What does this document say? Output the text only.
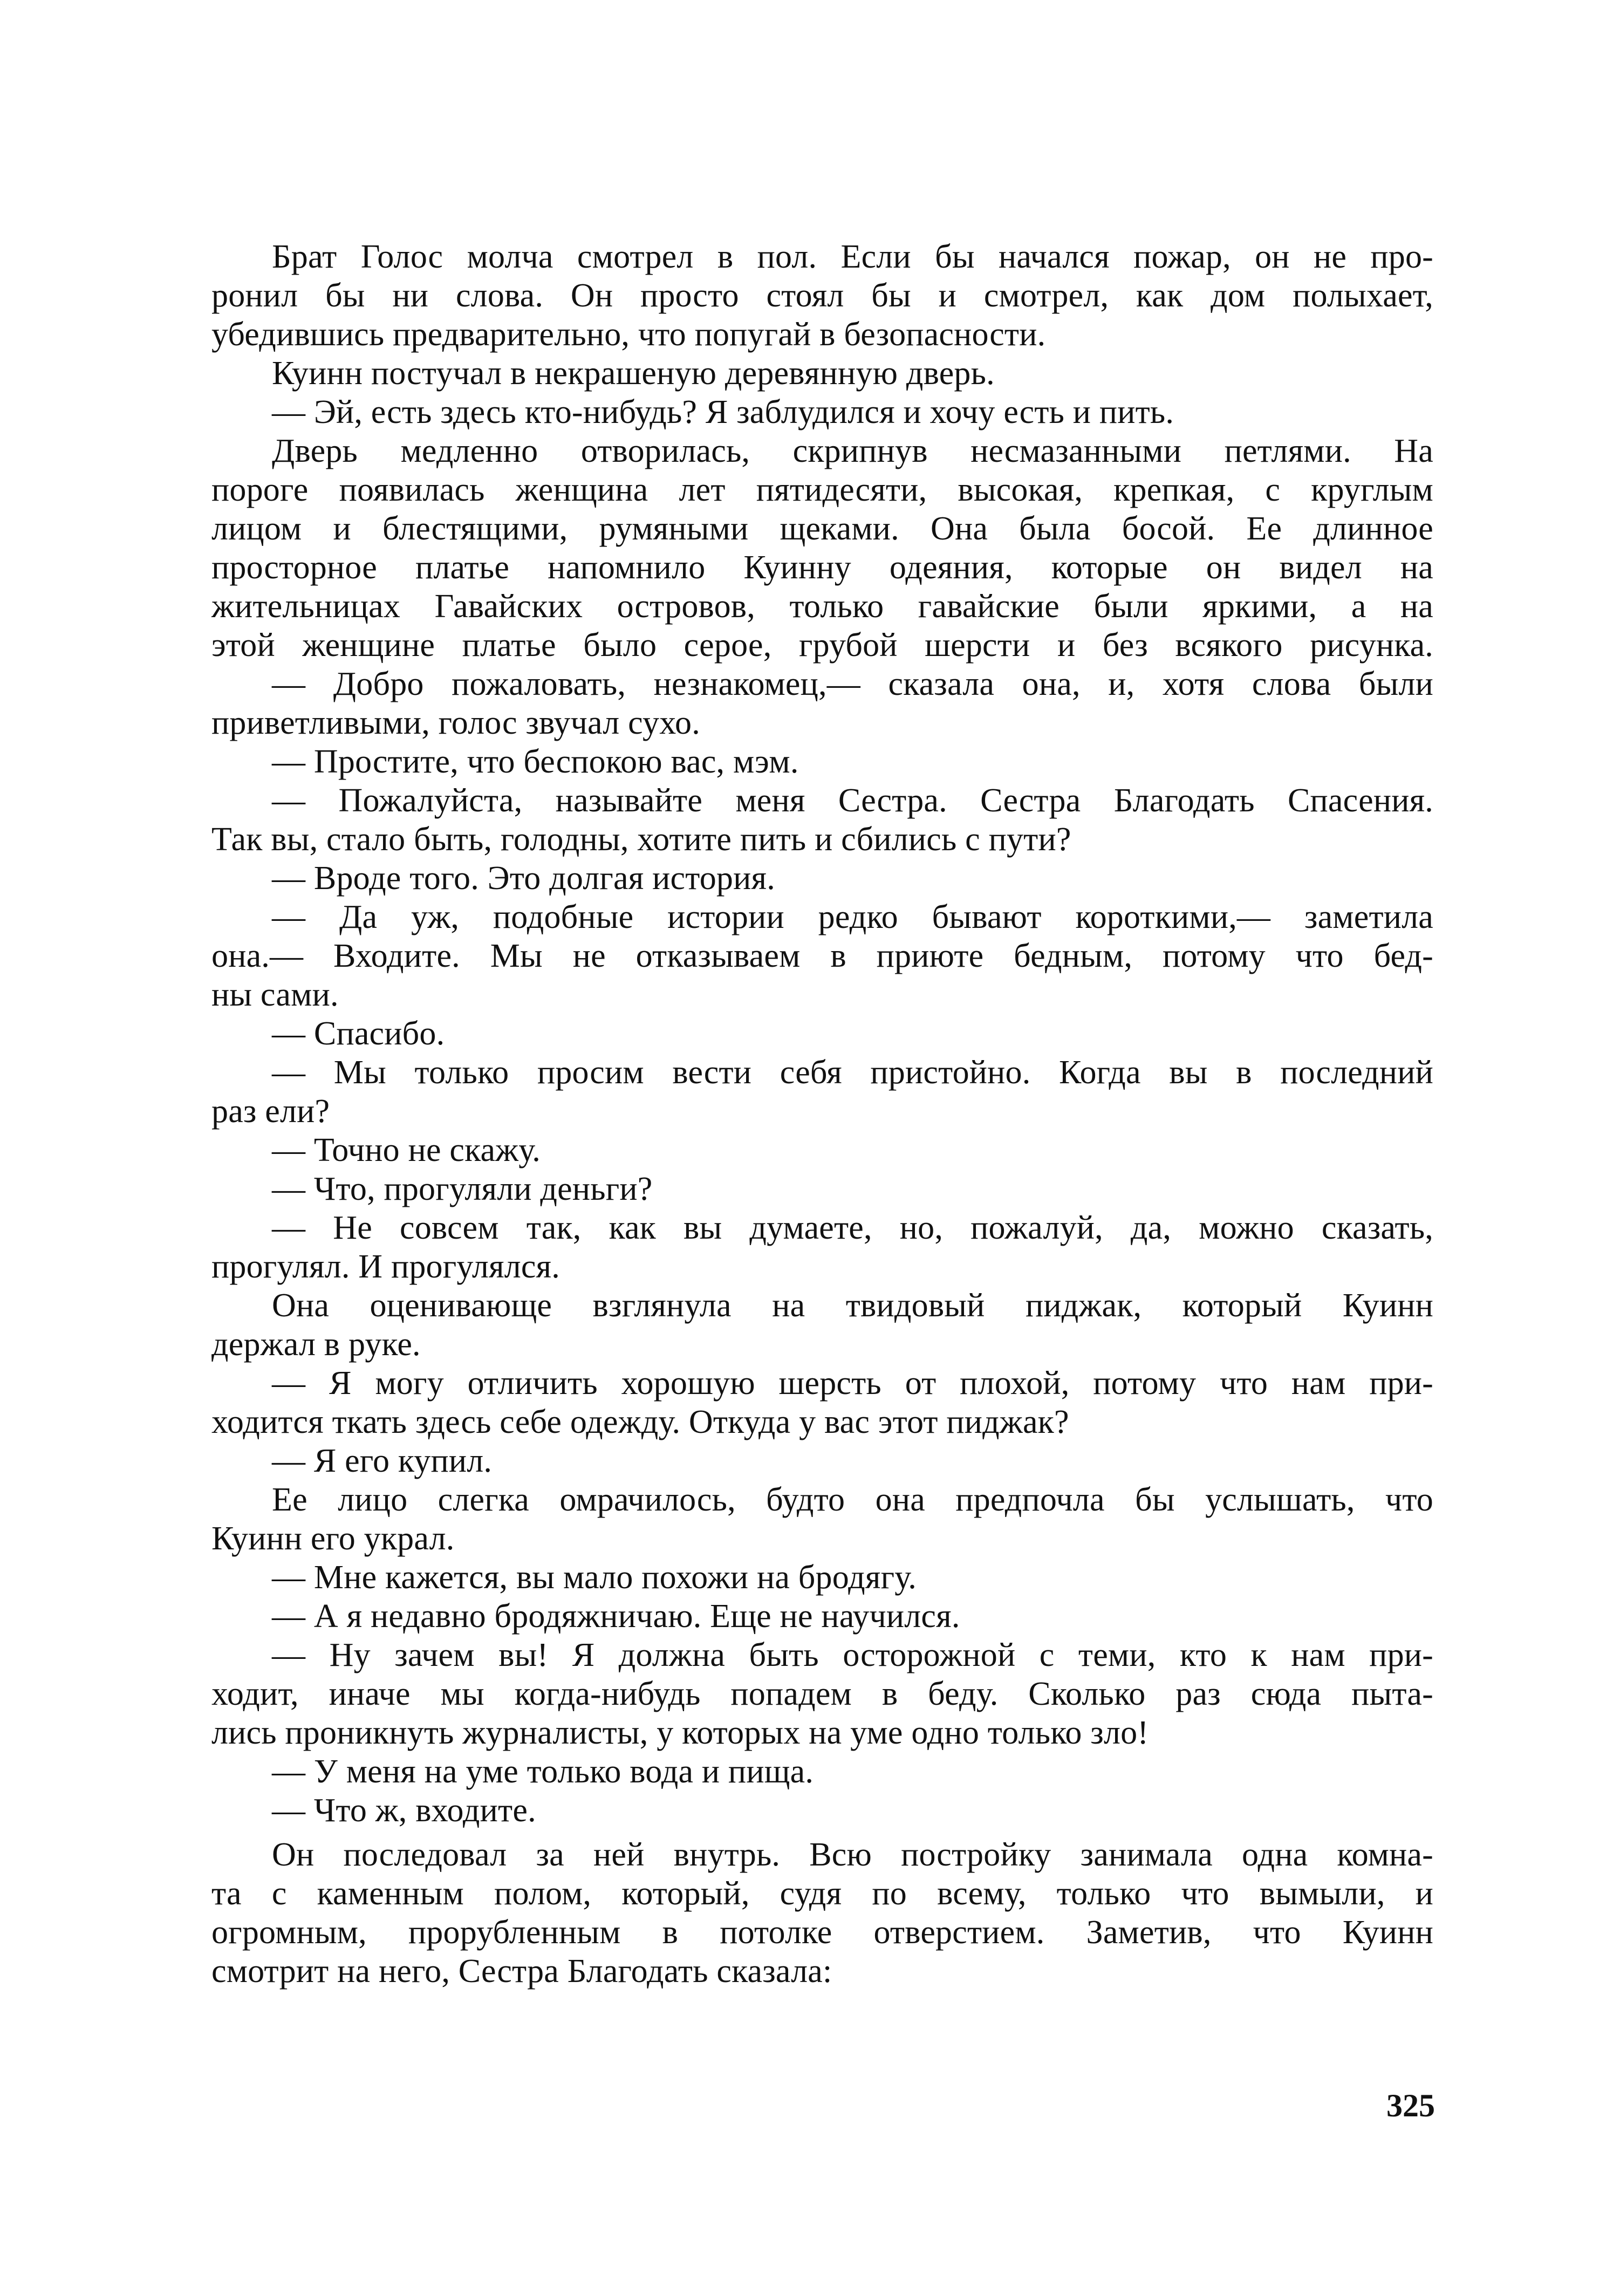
Брат Голос молча смотрел в пол. Если бы начался пожар, он не про-
ронил бы ни слова. Он просто стоял бы и смотрел, как дом полыхает,
убедившись предварительно, что попугай в безопасности.
Куинн постучал в некрашеную деревянную дверь.
— Эй, есть здесь кто-нибудь? Я заблудился и хочу есть и пить.
Дверь медленно отворилась, скрипнув несмазанными петлями. На
пороге появилась женщина лет пятидесяти, высокая, крепкая, с круглым
лицом и блестящими, румяными щеками. Она была босой. Ее длинное
просторное платье напомнило Куинну одеяния, которые он видел на
жительницах Гавайских островов, только гавайские были яркими, а на
этой женщине платье было серое, грубой шерсти и без всякого рисунка.
— Добро пожаловать, незнакомец,— сказала она, и, хотя слова были
приветливыми, голос звучал сухо.
— Простите, что беспокою вас, мэм.
— Пожалуйста, называйте меня Сестра. Сестра Благодать Спасения.
Так вы, стало быть, голодны, хотите пить и сбились с пути?
— Вроде того. Это долгая история.
— Да уж, подобные истории редко бывают короткими,— заметила
она.— Входите. Мы не отказываем в приюте бедным, потому что бед-
ны сами.
— Спасибо.
— Мы только просим вести себя пристойно. Когда вы в последний
раз ели?
— Точно не скажу.
— Что, прогуляли деньги?
— Не совсем так, как вы думаете, но, пожалуй, да, можно сказать,
прогулял. И прогулялся.
Она оценивающе взглянула на твидовый пиджак, который Куинн
держал в руке.
— Я могу отличить хорошую шерсть от плохой, потому что нам при-
ходится ткать здесь себе одежду. Откуда у вас этот пиджак?
— Я его купил.
Ее лицо слегка омрачилось, будто она предпочла бы услышать, что
Куинн его украл.
— Мне кажется, вы мало похожи на бродягу.
— А я недавно бродяжничаю. Еще не научился.
— Ну зачем вы! Я должна быть осторожной с теми, кто к нам при-
ходит, иначе мы когда-нибудь попадем в беду. Сколько раз сюда пыта-
лись проникнуть журналисты, у которых на уме одно только зло!
— У меня на уме только вода и пища.
— Что ж, входите.
Он последовал за ней внутрь. Всю постройку занимала одна комна-
та с каменным полом, который, судя по всему, только что вымыли, и
огромным, прорубленным в потолке отверстием. Заметив, что Куинн
смотрит на него, Сестра Благодать сказала:
325
